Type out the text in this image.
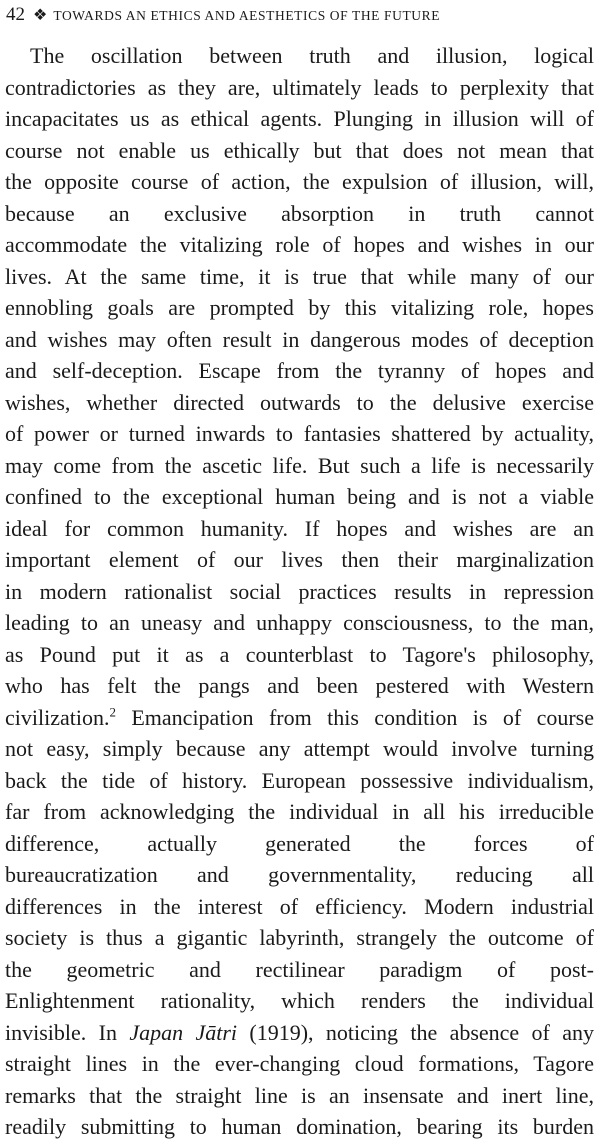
42 ❖ TOWARDS AN ETHICS AND AESTHETICS OF THE FUTURE
The oscillation between truth and illusion, logical
contradictories as they are, ultimately leads to perplexity that
incapacitates us as ethical agents. Plunging in illusion will of
course not enable us ethically but that does not mean that
the opposite course of action, the expulsion of illusion, will,
because an exclusive absorption in truth cannot
accommodate the vitalizing role of hopes and wishes in our
lives. At the same time, it is true that while many of our
ennobling goals are prompted by this vitalizing role, hopes
and wishes may often result in dangerous modes of deception
and self-deception. Escape from the tyranny of hopes and
wishes, whether directed outwards to the delusive exercise
of power or turned inwards to fantasies shattered by actuality,
may come from the ascetic life. But such a life is necessarily
confined to the exceptional human being and is not a viable
ideal for common humanity. If hopes and wishes are an
important element of our lives then their marginalization
in modern rationalist social practices results in repression
leading to an uneasy and unhappy consciousness, to the man,
as Pound put it as a counterblast to Tagore's philosophy,
who has felt the pangs and been pestered with Western
civilization.$^2$ Emancipation from this condition is of course
not easy, simply because any attempt would involve turning
back the tide of history. European possessive individualism,
far from acknowledging the individual in all his irreducible
difference, actually generated the forces of
bureaucratization and governmentality, reducing all
differences in the interest of efficiency. Modern industrial
society is thus a gigantic labyrinth, strangely the outcome of
the geometric and rectilinear paradigm of post-
Enlightenment rationality, which renders the individual
invisible. In Japan Jātri (1919), noticing the absence of any
straight lines in the ever-changing cloud formations, Tagore
remarks that the straight line is an insensate and inert line,
readily submitting to human domination, bearing its burden
